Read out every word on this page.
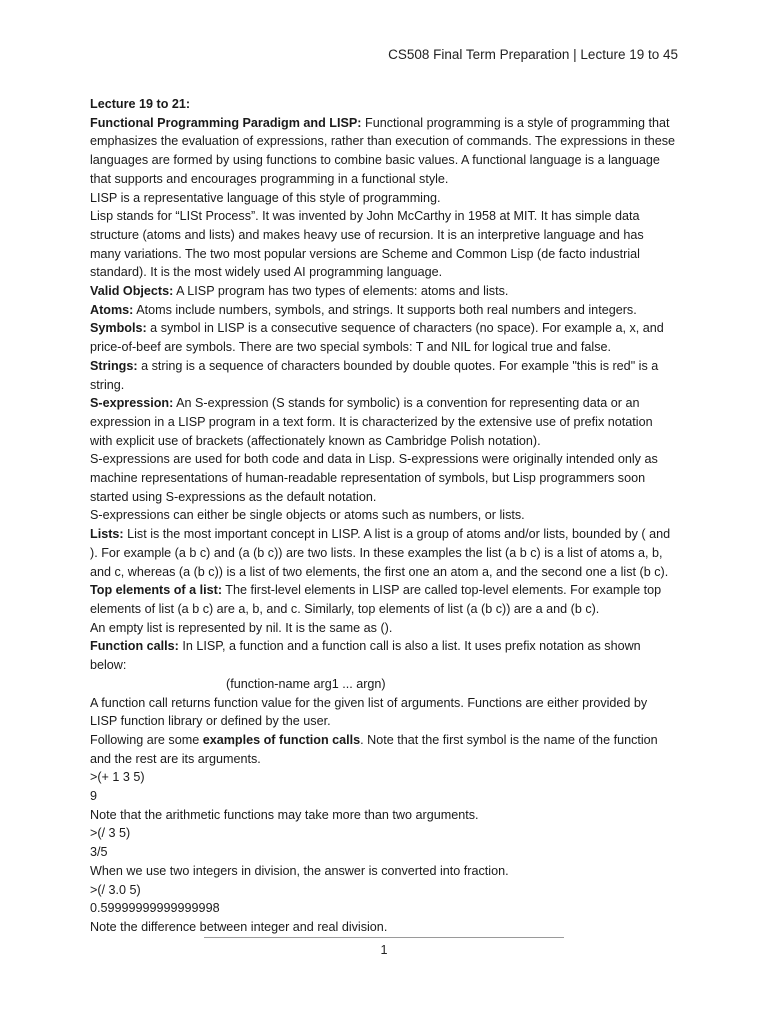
CS508 Final Term Preparation | Lecture 19 to 45

Lecture 19 to 21:

Functional Programming Paradigm and LISP: Functional programming is a style of programming that emphasizes the evaluation of expressions, rather than execution of commands. The expressions in these languages are formed by using functions to combine basic values. A functional language is a language that supports and encourages programming in a functional style.

LISP is a representative language of this style of programming.

Lisp stands for “LISt Process”. It was invented by John McCarthy in 1958 at MIT. It has simple data structure (atoms and lists) and makes heavy use of recursion. It is an interpretive language and has many variations. The two most popular versions are Scheme and Common Lisp (de facto industrial standard). It is the most widely used AI programming language.

Valid Objects: A LISP program has two types of elements: atoms and lists.

Atoms: Atoms include numbers, symbols, and strings. It supports both real numbers and integers.

Symbols: a symbol in LISP is a consecutive sequence of characters (no space). For example a, x, and price-of-beef are symbols. There are two special symbols: T and NIL for logical true and false.

Strings: a string is a sequence of characters bounded by double quotes. For example "this is red" is a string.

S-expression: An S-expression (S stands for symbolic) is a convention for representing data or an expression in a LISP program in a text form. It is characterized by the extensive use of prefix notation with explicit use of brackets (affectionately known as Cambridge Polish notation).

S-expressions are used for both code and data in Lisp. S-expressions were originally intended only as machine representations of human-readable representation of symbols, but Lisp programmers soon started using S-expressions as the default notation.

S-expressions can either be single objects or atoms such as numbers, or lists.

Lists: List is the most important concept in LISP. A list is a group of atoms and/or lists, bounded by ( and ). For example (a b c) and (a (b c)) are two lists. In these examples the list (a b c) is a list of atoms a, b, and c, whereas (a (b c)) is a list of two elements, the first one an atom a, and the second one a list (b c).

Top elements of a list: The first-level elements in LISP are called top-level elements. For example top elements of list (a b c) are a, b, and c. Similarly, top elements of list (a (b c)) are a and (b c).

An empty list is represented by nil. It is the same as ().

Function calls: In LISP, a function and a function call is also a list. It uses prefix notation as shown below:

(function-name arg1 ... argn)

A function call returns function value for the given list of arguments. Functions are either provided by LISP function library or defined by the user.

Following are some examples of function calls. Note that the first symbol is the name of the function and the rest are its arguments.

>(+ 1 3 5)

9

Note that the arithmetic functions may take more than two arguments.

>(/ 3 5)

3/5

When we use two integers in division, the answer is converted into fraction.

>(/ 3.0 5)

0.59999999999999998

Note the difference between integer and real division.

1
